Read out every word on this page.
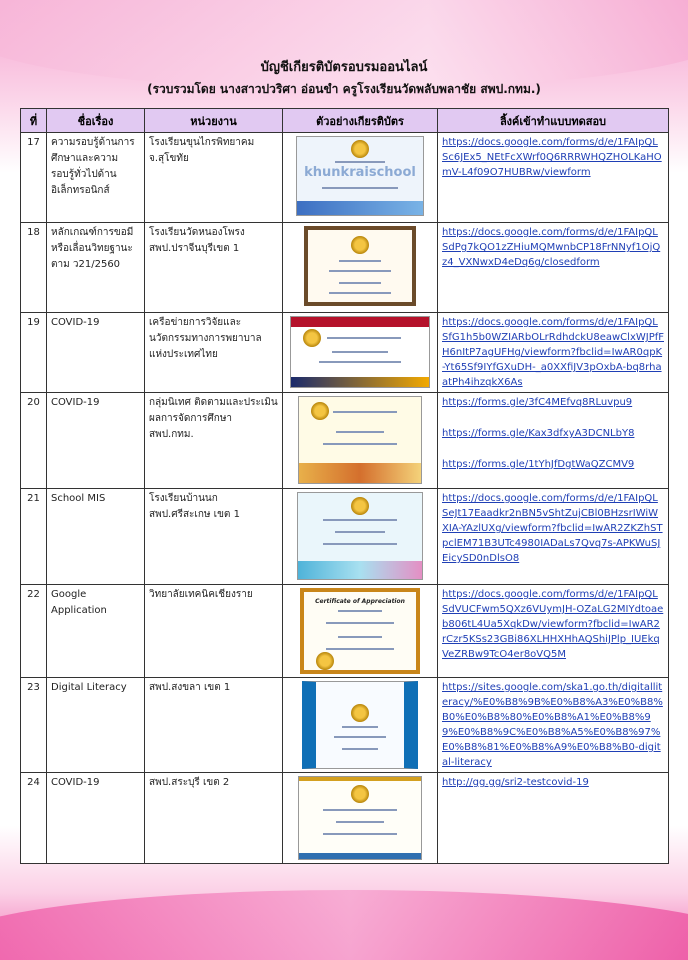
บัญชีเกียรติบัตรอบรมออนไลน์
(รวบรวมโดย นางสาวปวริศา อ่อนขำ ครูโรงเรียนวัดพลับพลาชัย สพป.กทม.)
ที่	ชื่อเรื่อง	หน่วยงาน	ตัวอย่างเกียรติบัตร	ลิ้งค์เข้าทำแบบทดสอบ
17	ความรอบรู้ด้านการศึกษาและความรอบรู้ทั่วไปด้านอิเล็กทรอนิกส์	โรงเรียนขุนไกรพิทยาคม จ.สุโขทัย	khunkraischool	https://docs.google.com/forms/d/e/1FAIpQLSc6JEx5_NEtFcXWrf0Q6RRRWHQZHOLKaHOmV-L4f09O7HUBRw/viewform

18	หลักเกณฑ์การขอมีหรือเลื่อนวิทยฐานะ ตาม ว21/2560	โรงเรียนวัดหนองโพรง สพป.ปราจีนบุรีเขต 1		https://docs.google.com/forms/d/e/1FAIpQLSdPg7kQO1zZHiuMQMwnbCP18FrNNyf1OjQz4_VXNwxD4eDq6g/closedform

19	COVID-19	เครือข่ายการวิจัยและนวัตกรรมทางการพยาบาลแห่งประเทศไทย		https://docs.google.com/forms/d/e/1FAIpQLSfG1h5b0WZIARbOLrRdhdckU8eawClxWJPfFH6nItP7agUFHg/viewform?fbclid=IwAR0qpK-Yt65Sf9IYfGXuDH-_a0XXfiJV3pOxbA-bq8rhaatPh4ihzqkX6As

20	COVID-19	กลุ่มนิเทศ ติดตามและประเมินผลการจัดการศึกษา สพป.กทม.		https://forms.gle/3fC4MEfvq8RLuvpu9
https://forms.gle/Kax3dfxyA3DCNLbY8
https://forms.gle/1tYhJfDgtWaQZCMV9

21	School MIS	โรงเรียนบ้านนก สพป.ศรีสะเกษ เขต 1		https://docs.google.com/forms/d/e/1FAIpQLSeJt17Eaadkr2nBN5vShtZujCBl0BHzsrIWiWXIA-YAzlUXg/viewform?fbclid=IwAR2ZKZhSTpclEM71B3UTc4980IADaLs7Qvq7s-APKWuSJEicySD0nDlsO8

22	Google Application	วิทยาลัยเทคนิคเชียงราย	Certificate of Appreciation	https://docs.google.com/forms/d/e/1FAIpQLSdVUCFwm5QXz6VUymJH-OZaLG2MIYdtoaeb806tL4Ua5XqkDw/viewform?fbclid=IwAR2rCzr5KSs23GBi86XLHHXHhAQShiJPlp_IUEkqVeZRBw9TcO4er8oVQ5M

23	Digital Literacy	สพป.สงขลา เขต 1		https://sites.google.com/ska1.go.th/digitalliteracy/%E0%B8%9B%E0%B8%A3%E0%B8%B0%E0%B8%80%E0%B8%A1%E0%B8%99%E0%B8%9C%E0%B8%A5%E0%B8%97%E0%B8%81%E0%B8%A9%E0%B8%B0-digital-literacy

24	COVID-19	สพป.สระบุรี เขต 2		http://gg.gg/sri2-testcovid-19
